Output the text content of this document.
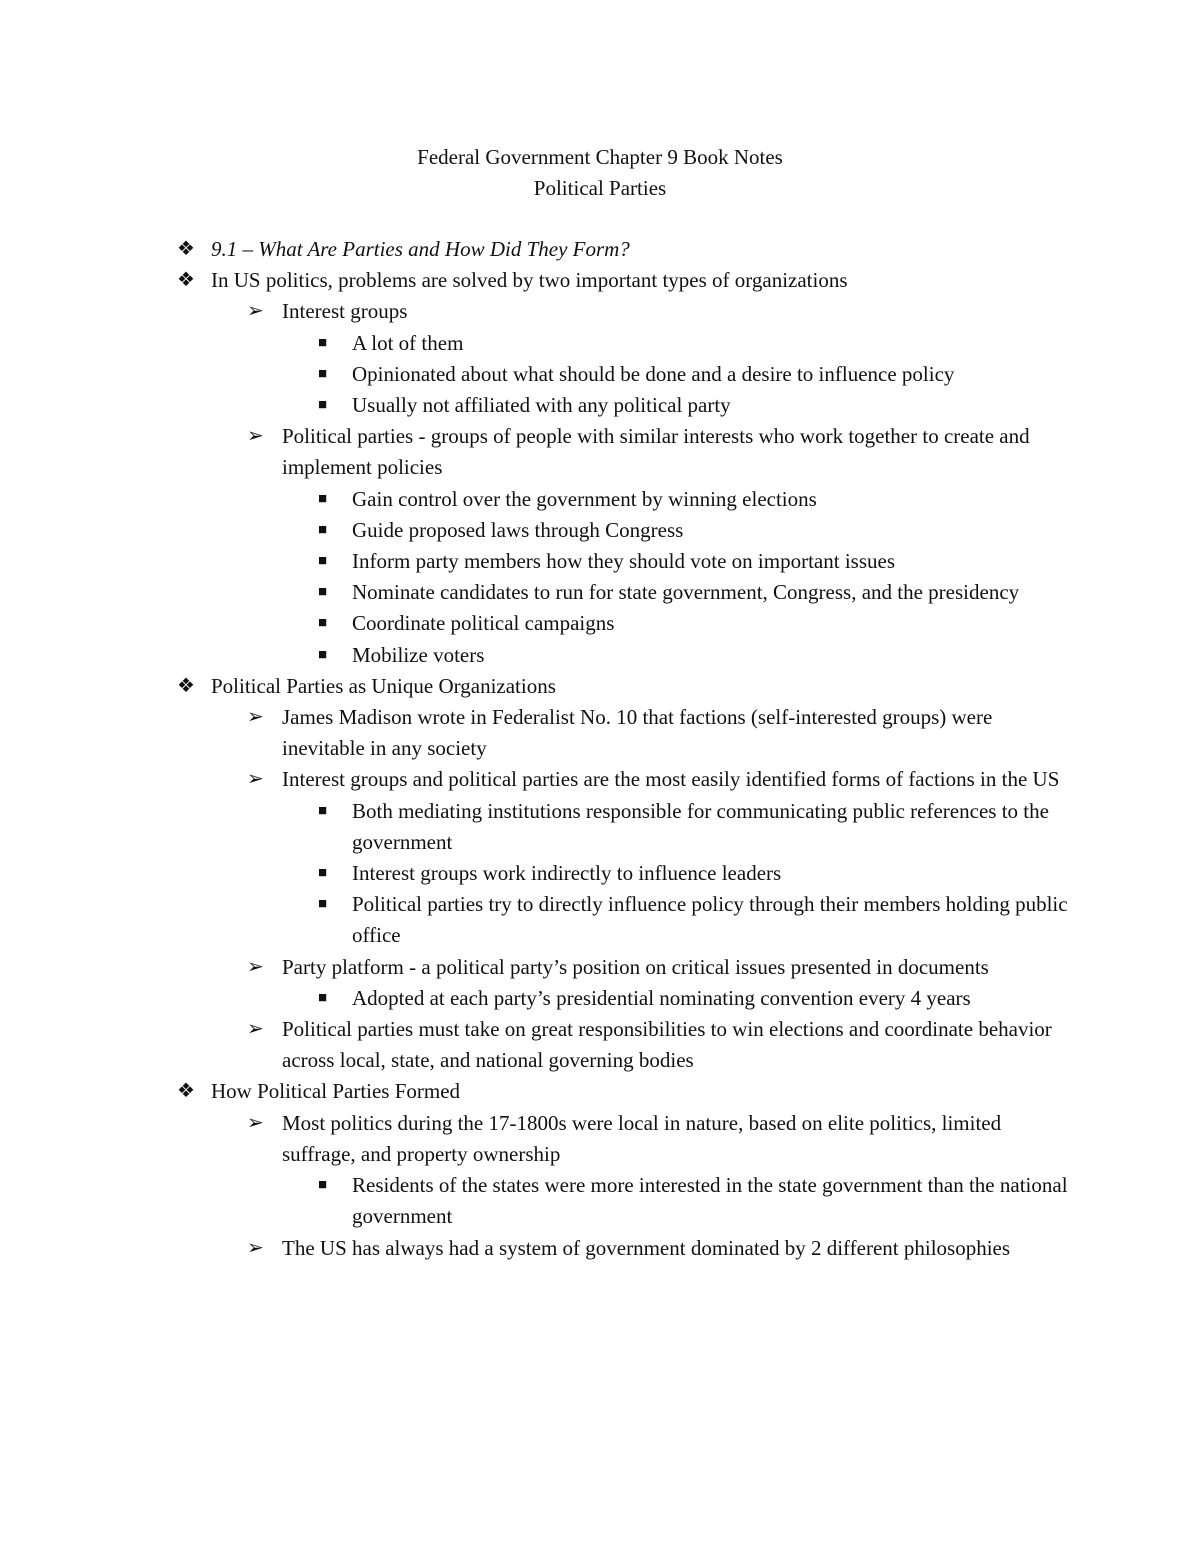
Federal Government Chapter 9 Book Notes
Political Parties
❖ 9.1 – What Are Parties and How Did They Form?
❖ In US politics, problems are solved by two important types of organizations
➢ Interest groups
■ A lot of them
■ Opinionated about what should be done and a desire to influence policy
■ Usually not affiliated with any political party
➢ Political parties - groups of people with similar interests who work together to create and implement policies
■ Gain control over the government by winning elections
■ Guide proposed laws through Congress
■ Inform party members how they should vote on important issues
■ Nominate candidates to run for state government, Congress, and the presidency
■ Coordinate political campaigns
■ Mobilize voters
❖ Political Parties as Unique Organizations
➢ James Madison wrote in Federalist No. 10 that factions (self-interested groups) were inevitable in any society
➢ Interest groups and political parties are the most easily identified forms of factions in the US
■ Both mediating institutions responsible for communicating public references to the government
■ Interest groups work indirectly to influence leaders
■ Political parties try to directly influence policy through their members holding public office
➢ Party platform - a political party’s position on critical issues presented in documents
■ Adopted at each party’s presidential nominating convention every 4 years
➢ Political parties must take on great responsibilities to win elections and coordinate behavior across local, state, and national governing bodies
❖ How Political Parties Formed
➢ Most politics during the 17-1800s were local in nature, based on elite politics, limited suffrage, and property ownership
■ Residents of the states were more interested in the state government than the national government
➢ The US has always had a system of government dominated by 2 different philosophies
